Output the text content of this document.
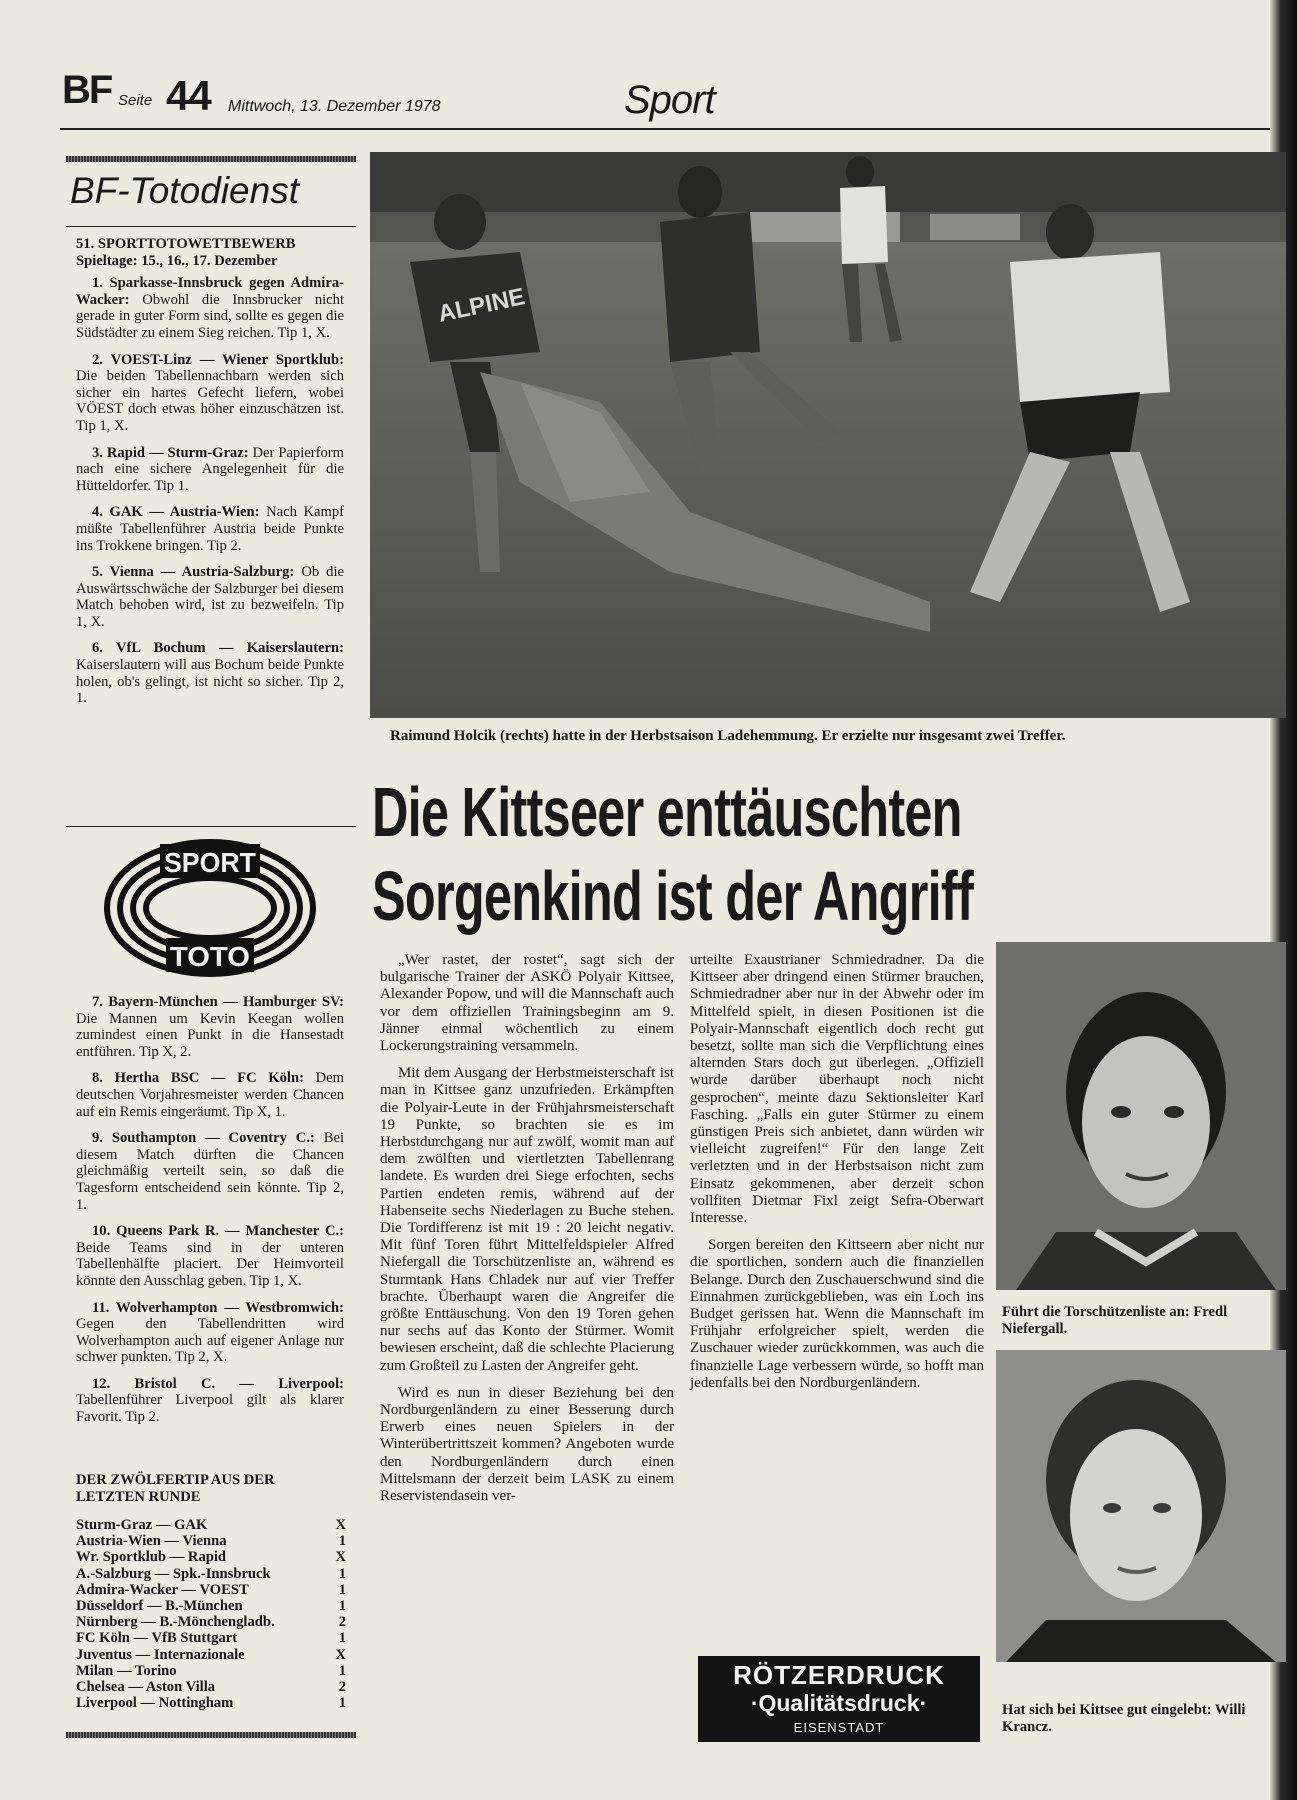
BF Seite 44 Mittwoch, 13. Dezember 1978	Sport
BF-Totodienst

51. SPORTTOTOWETTBEWERB

Spieltage: 15., 16., 17. Dezember

1. Sparkasse-Innsbruck gegen Admira-Wacker: Obwohl die Innsbrucker nicht gerade in guter Form sind, sollte es gegen die Südstädter zu einem Sieg reichen. Tip 1, X.

2. VOEST-Linz — Wiener Sportklub: Die beiden Tabellennachbarn werden sich sicher ein hartes Gefecht liefern, wobei VÖEST doch etwas höher einzuschätzen ist. Tip 1, X.

3. Rapid — Sturm-Graz: Der Papierform nach eine sichere Angelegenheit für die Hütteldorfer. Tip 1.

4. GAK — Austria-Wien: Nach Kampf müßte Tabellenführer Austria beide Punkte ins Trokkene bringen. Tip 2.

5. Vienna — Austria-Salzburg: Ob die Auswärtsschwäche der Salzburger bei diesem Match behoben wird, ist zu bezweifeln. Tip 1, X.

6. VfL Bochum — Kaiserslautern: Kaiserslautern will aus Bochum beide Punkte holen, ob's gelingt, ist nicht so sicher. Tip 2, 1.

SPORT
TOTO

7. Bayern-München — Hamburger SV: Die Mannen um Kevin Keegan wollen zumindest einen Punkt in die Hansestadt entführen. Tip X, 2.

8. Hertha BSC — FC Köln: Dem deutschen Vorjahresmeister werden Chancen auf ein Remis eingeräumt. Tip X, 1.

9. Southampton — Coventry C.: Bei diesem Match dürften die Chancen gleichmäßig verteilt sein, so daß die Tagesform entscheidend sein könnte. Tip 2, 1.

10. Queens Park R. — Manchester C.: Beide Teams sind in der unteren Tabellenhälfte placiert. Der Heimvorteil könnte den Ausschlag geben. Tip 1, X.

11. Wolverhampton — Westbromwich: Gegen den Tabellendritten wird Wolverhampton auch auf eigener Anlage nur schwer punkten. Tip 2, X.

12. Bristol C. — Liverpool: Tabellenführer Liverpool gilt als klarer Favorit. Tip 2.

DER ZWÖLFERTIP AUS DER LETZTEN RUNDE
Sturm-Graz — GAK	X
Austria-Wien — Vienna	1
Wr. Sportklub — Rapid	X
A.-Salzburg — Spk.-Innsbruck	1
Admira-Wacker — VOEST	1
Düsseldorf — B.-München	1
Nürnberg — B.-Mönchengladb.	2
FC Köln — VfB Stuttgart	1
Juventus — Internazionale	X
Milan — Torino	1
Chelsea — Aston Villa	2
Liverpool — Nottingham	1
ALPINE
Raimund Holcik (rechts) hatte in der Herbstsaison Ladehemmung. Er erzielte nur insgesamt zwei Treffer.
Die Kittseer enttäuschten
Sorgenkind ist der Angriff

„Wer rastet, der rostet“, sagt sich der bulgarische Trainer der ASKÖ Polyair Kittsee, Alexander Popow, und will die Mannschaft auch vor dem offiziellen Trainingsbeginn am 9. Jänner einmal wöchentlich zu einem Lockerungstraining versammeln.

Mit dem Ausgang der Herbstmeisterschaft ist man in Kittsee ganz unzufrieden. Erkämpften die Polyair-Leute in der Frühjahrsmeisterschaft 19 Punkte, so brachten sie es im Herbstdurchgang nur auf zwölf, womit man auf dem zwölften und viertletzten Tabellenrang landete. Es wurden drei Siege erfochten, sechs Partien endeten remis, während auf der Habenseite sechs Niederlagen zu Buche stehen. Die Tordifferenz ist mit 19 : 20 leicht negativ. Mit fünf Toren führt Mittelfeldspieler Alfred Niefergall die Torschützenliste an, während es Sturmtank Hans Chladek nur auf vier Treffer brachte. Überhaupt waren die Angreifer die größte Enttäuschung. Von den 19 Toren gehen nur sechs auf das Konto der Stürmer. Womit bewiesen erscheint, daß die schlechte Placierung zum Großteil zu Lasten der Angreifer geht.

Wird es nun in dieser Beziehung bei den Nordburgenländern zu einer Besserung durch Erwerb eines neuen Spielers in der Winterübertrittszeit kommen? Angeboten wurde den Nordburgenländern durch einen Mittelsmann der derzeit beim LASK zu einem Reservistendasein ver-

urteilte Exaustrianer Schmiedradner. Da die Kittseer aber dringend einen Stürmer brauchen, Schmiedradner aber nur in der Abwehr oder im Mittelfeld spielt, in diesen Positionen ist die Polyair-Mannschaft eigentlich doch recht gut besetzt, sollte man sich die Verpflichtung eines alternden Stars doch gut überlegen. „Offiziell wurde darüber überhaupt noch nicht gesprochen“, meinte dazu Sektionsleiter Karl Fasching. „Falls ein guter Stürmer zu einem günstigen Preis sich anbietet, dann würden wir vielleicht zugreifen!“ Für den lange Zeit verletzten und in der Herbstsaison nicht zum Einsatz gekommenen, aber derzeit schon vollfiten Dietmar Fixl zeigt Sefra-Oberwart Interesse.

Sorgen bereiten den Kittseern aber nicht nur die sportlichen, sondern auch die finanziellen Belange. Durch den Zuschauerschwund sind die Einnahmen zurückgeblieben, was ein Loch ins Budget gerissen hat. Wenn die Mannschaft im Frühjahr erfolgreicher spielt, werden die Zuschauer wieder zurückkommen, was auch die finanzielle Lage verbessern würde, so hofft man jedenfalls bei den Nordburgenländern.

Führt die Torschützenliste an: Fredl Niefergall.
Hat sich bei Kittsee gut eingelebt: Willi Krancz.
RÖTZERDRUCK
·Qualitätsdruck·
EISENSTADT
